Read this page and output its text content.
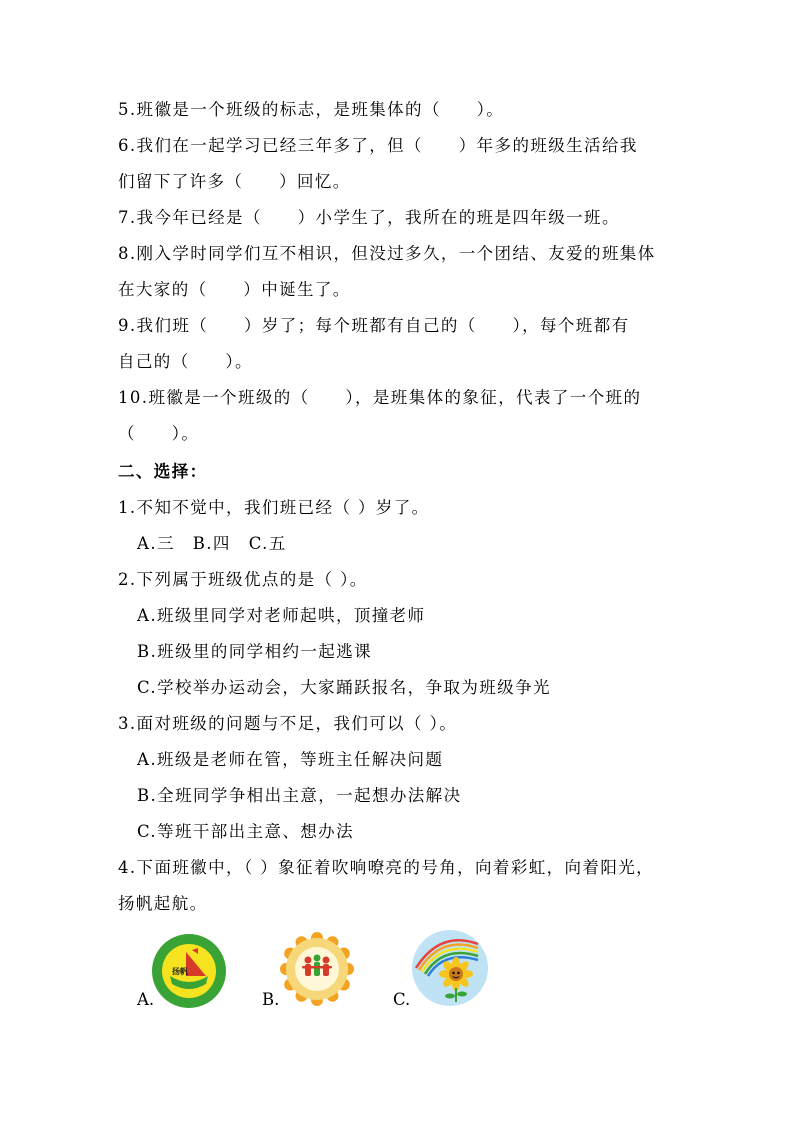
5.班徽是一个班级的标志，是班集体的（　　）。
6.我们在一起学习已经三年多了，但（　　）年多的班级生活给我
们留下了许多（　　）回忆。
7.我今年已经是（　　）小学生了，我所在的班是四年级一班。
8.刚入学时同学们互不相识，但没过多久，一个团结、友爱的班集体
在大家的（　　）中诞生了。
9.我们班（　　）岁了；每个班都有自己的（　　），每个班都有
自己的（　　）。
10.班徽是一个班级的（　　），是班集体的象征，代表了一个班的
（　　）。
二、选择：
1.不知不觉中，我们班已经（ ）岁了。
A.三　B.四　C.五
2.下列属于班级优点的是（ ）。
A.班级里同学对老师起哄，顶撞老师
B.班级里的同学相约一起逃课
C.学校举办运动会，大家踊跃报名，争取为班级争光
3.面对班级的问题与不足，我们可以（ ）。
A.班级是老师在管，等班主任解决问题
B.全班同学争相出主意，一起想办法解决
C.等班干部出主意、想办法
4.下面班徽中，（ ）象征着吹响嘹亮的号角，向着彩虹，向着阳光，
扬帆起航。
A.
扬帆
B.	C.
